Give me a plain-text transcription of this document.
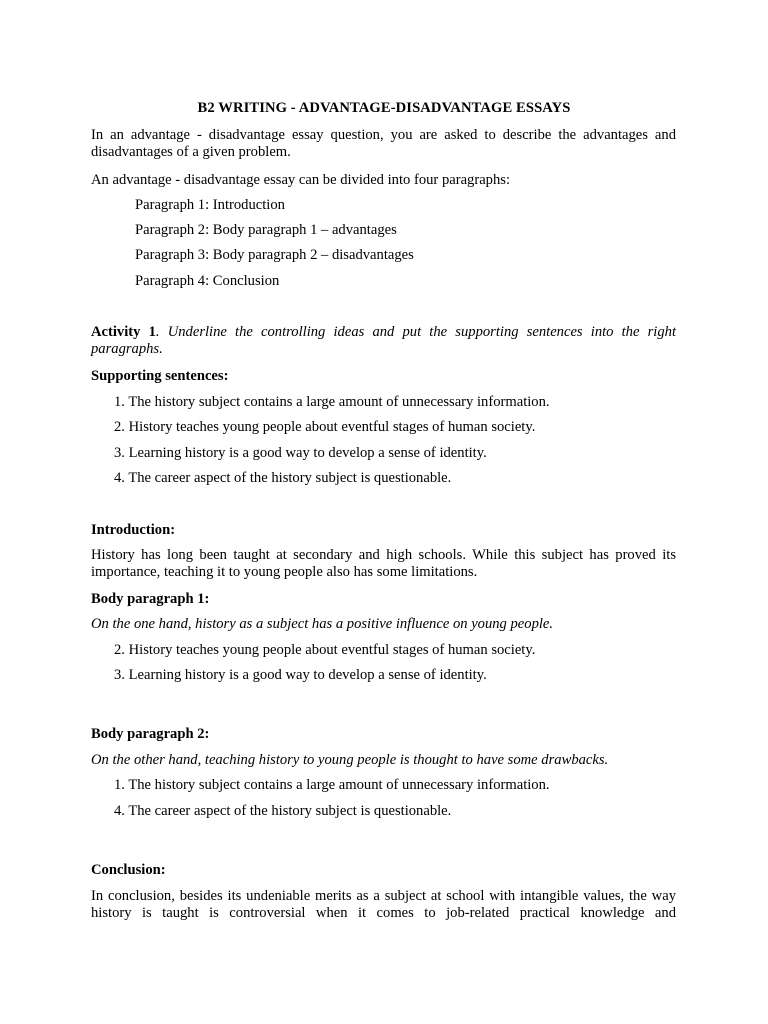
B2 WRITING - ADVANTAGE-DISADVANTAGE ESSAYS

In an advantage - disadvantage essay question, you are asked to describe the advantages and disadvantages of a given problem.

An advantage - disadvantage essay can be divided into four paragraphs:

Paragraph 1: Introduction

Paragraph 2: Body paragraph 1 – advantages

Paragraph 3: Body paragraph 2 – disadvantages

Paragraph 4: Conclusion

Activity 1. Underline the controlling ideas and put the supporting sentences into the right paragraphs.

Supporting sentences:

1. The history subject contains a large amount of unnecessary information.

2. History teaches young people about eventful stages of human society.

3. Learning history is a good way to develop a sense of identity.

4. The career aspect of the history subject is questionable.

Introduction:

History has long been taught at secondary and high schools. While this subject has proved its importance, teaching it to young people also has some limitations.

Body paragraph 1:

On the one hand, history as a subject has a positive influence on young people.

2. History teaches young people about eventful stages of human society.

3. Learning history is a good way to develop a sense of identity.

Body paragraph 2:

On the other hand, teaching history to young people is thought to have some drawbacks.

1. The history subject contains a large amount of unnecessary information.

4. The career aspect of the history subject is questionable.

Conclusion:

In conclusion, besides its undeniable merits as a subject at school with intangible values, the way

history is taught is controversial when it comes to job-related practical knowledge and
